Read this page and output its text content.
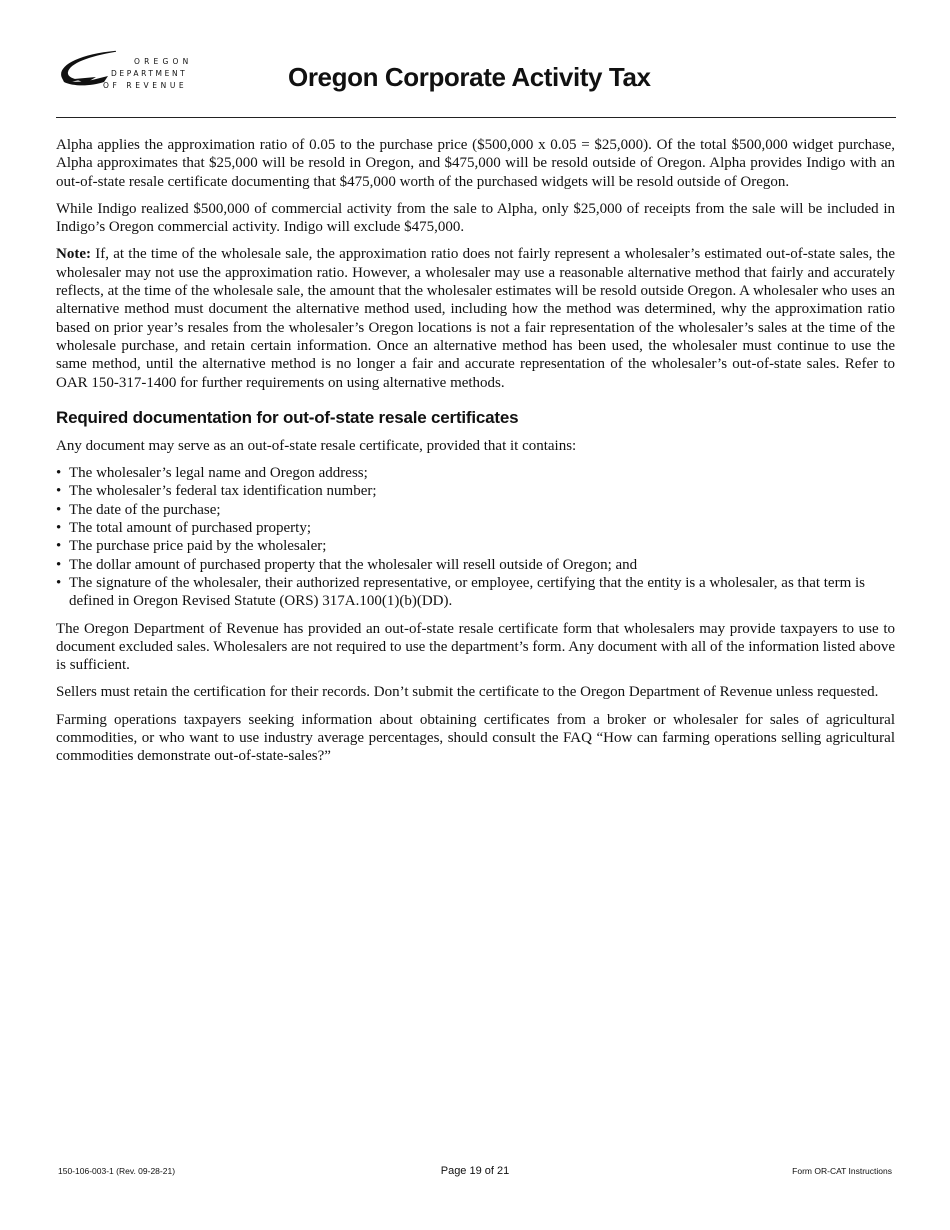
OREGON
DEPARTMENT
OF REVENUE	Oregon Corporate Activity Tax

Alpha applies the approximation ratio of 0.05 to the purchase price ($500,000 x 0.05 = $25,000). Of the total $500,000 widget purchase, Alpha approximates that $25,000 will be resold in Oregon, and $475,000 will be resold outside of Oregon. Alpha provides Indigo with an out-of-state resale certificate documenting that $475,000 worth of the purchased widgets will be resold outside of Oregon.

While Indigo realized $500,000 of commercial activity from the sale to Alpha, only $25,000 of receipts from the sale will be included in Indigo’s Oregon commercial activity. Indigo will exclude $475,000.

Note: If, at the time of the wholesale sale, the approximation ratio does not fairly represent a wholesaler’s estimated out-of-state sales, the wholesaler may not use the approximation ratio. However, a wholesaler may use a reasonable alternative method that fairly and accurately reflects, at the time of the wholesale sale, the amount that the wholesaler estimates will be resold outside Oregon. A wholesaler who uses an alternative method must document the alternative method used, including how the method was determined, why the approximation ratio based on prior year’s resales from the wholesaler’s Oregon locations is not a fair representation of the wholesaler’s sales at the time of the wholesale purchase, and retain certain information. Once an alternative method has been used, the wholesaler must continue to use the same method, until the alternative method is no longer a fair and accurate representation of the wholesaler’s out-of-state sales. Refer to OAR 150-317-1400 for further requirements on using alternative methods.

Required documentation for out-of-state resale certificates

Any document may serve as an out-of-state resale certificate, provided that it contains:

• The wholesaler’s legal name and Oregon address;
• The wholesaler’s federal tax identification number;
• The date of the purchase;
• The total amount of purchased property;
• The purchase price paid by the wholesaler;
• The dollar amount of purchased property that the wholesaler will resell outside of Oregon; and
• The signature of the wholesaler, their authorized representative, or employee, certifying that the entity is a wholesaler, as that term is defined in Oregon Revised Statute (ORS) 317A.100(1)(b)(DD).

The Oregon Department of Revenue has provided an out-of-state resale certificate form that wholesalers may provide taxpayers to use to document excluded sales. Wholesalers are not required to use the department’s form. Any document with all of the information listed above is sufficient.

Sellers must retain the certification for their records. Don’t submit the certificate to the Oregon Department of Revenue unless requested.

Farming operations taxpayers seeking information about obtaining certificates from a broker or wholesaler for sales of agricultural commodities, or who want to use industry average percentages, should consult the FAQ “How can farming operations selling agricultural commodities demonstrate out-of-state-sales?”

150-106-003-1 (Rev. 09-28-21)	Page 19 of 21	Form OR-CAT Instructions
